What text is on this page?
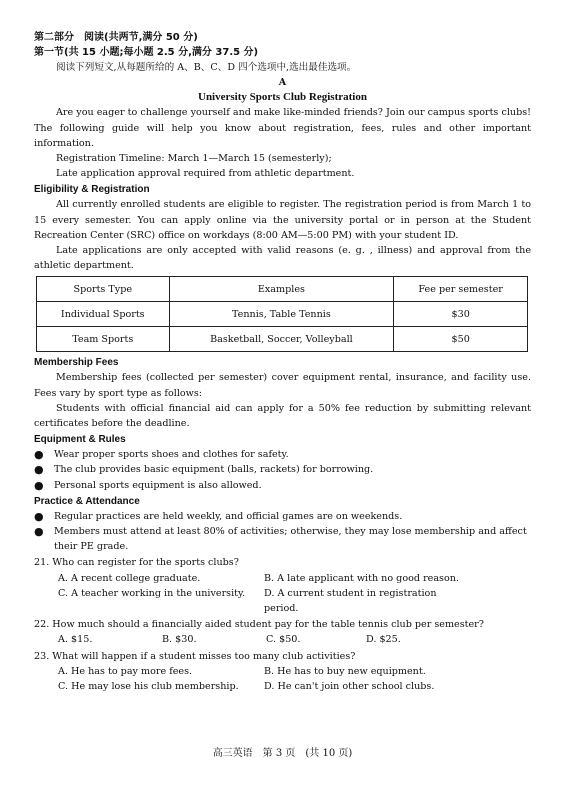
第二部分　阅读(共两节,满分 50 分)
第一节(共 15 小题;每小题 2.5 分,满分 37.5 分)

阅读下列短文,从每题所给的 A、B、C、D 四个选项中,选出最佳选项。

A
University Sports Club Registration

Are you eager to challenge yourself and make like-minded friends? Join our campus sports clubs! The following guide will help you know about registration, fees, rules and other important information.

Registration Timeline: March 1—March 15 (semesterly);

Late application approval required from athletic department.

Eligibility & Registration

All currently enrolled students are eligible to register. The registration period is from March 1 to 15 every semester. You can apply online via the university portal or in person at the Student Recreation Center (SRC) office on workdays (8:00 AM—5:00 PM) with your student ID.

Late applications are only accepted with valid reasons (e. g. , illness) and approval from the athletic department.

Sports Type	Examples	Fee per semester
Individual Sports	Tennis, Table Tennis	$30
Team Sports	Basketball, Soccer, Volleyball	$50
Membership Fees

Membership fees (collected per semester) cover equipment rental, insurance, and facility use. Fees vary by sport type as follows:

Students with official financial aid can apply for a 50% fee reduction by submitting relevant certificates before the deadline.

Equipment & Rules
●	Wear proper sports shoes and clothes for safety.
●	The club provides basic equipment (balls, rackets) for borrowing.
●	Personal sports equipment is also allowed.
Practice & Attendance
●	Regular practices are held weekly, and official games are on weekends.
●	Members must attend at least 80% of activities; otherwise, they may lose membership and affect their PE grade.
21. Who can register for the sports clubs?
A. A recent college graduate.	B. A late applicant with no good reason.
C. A teacher working in the university.	D. A current student in registration period.
22. How much should a financially aided student pay for the table tennis club per semester?
A. $15.	B. $30.	C. $50.	D. $25.
23. What will happen if a student misses too many club activities?
A. He has to pay more fees.	B. He has to buy new equipment.
C. He may lose his club membership.	D. He can't join other school clubs.
高三英语　第 3 页　(共 10 页)
